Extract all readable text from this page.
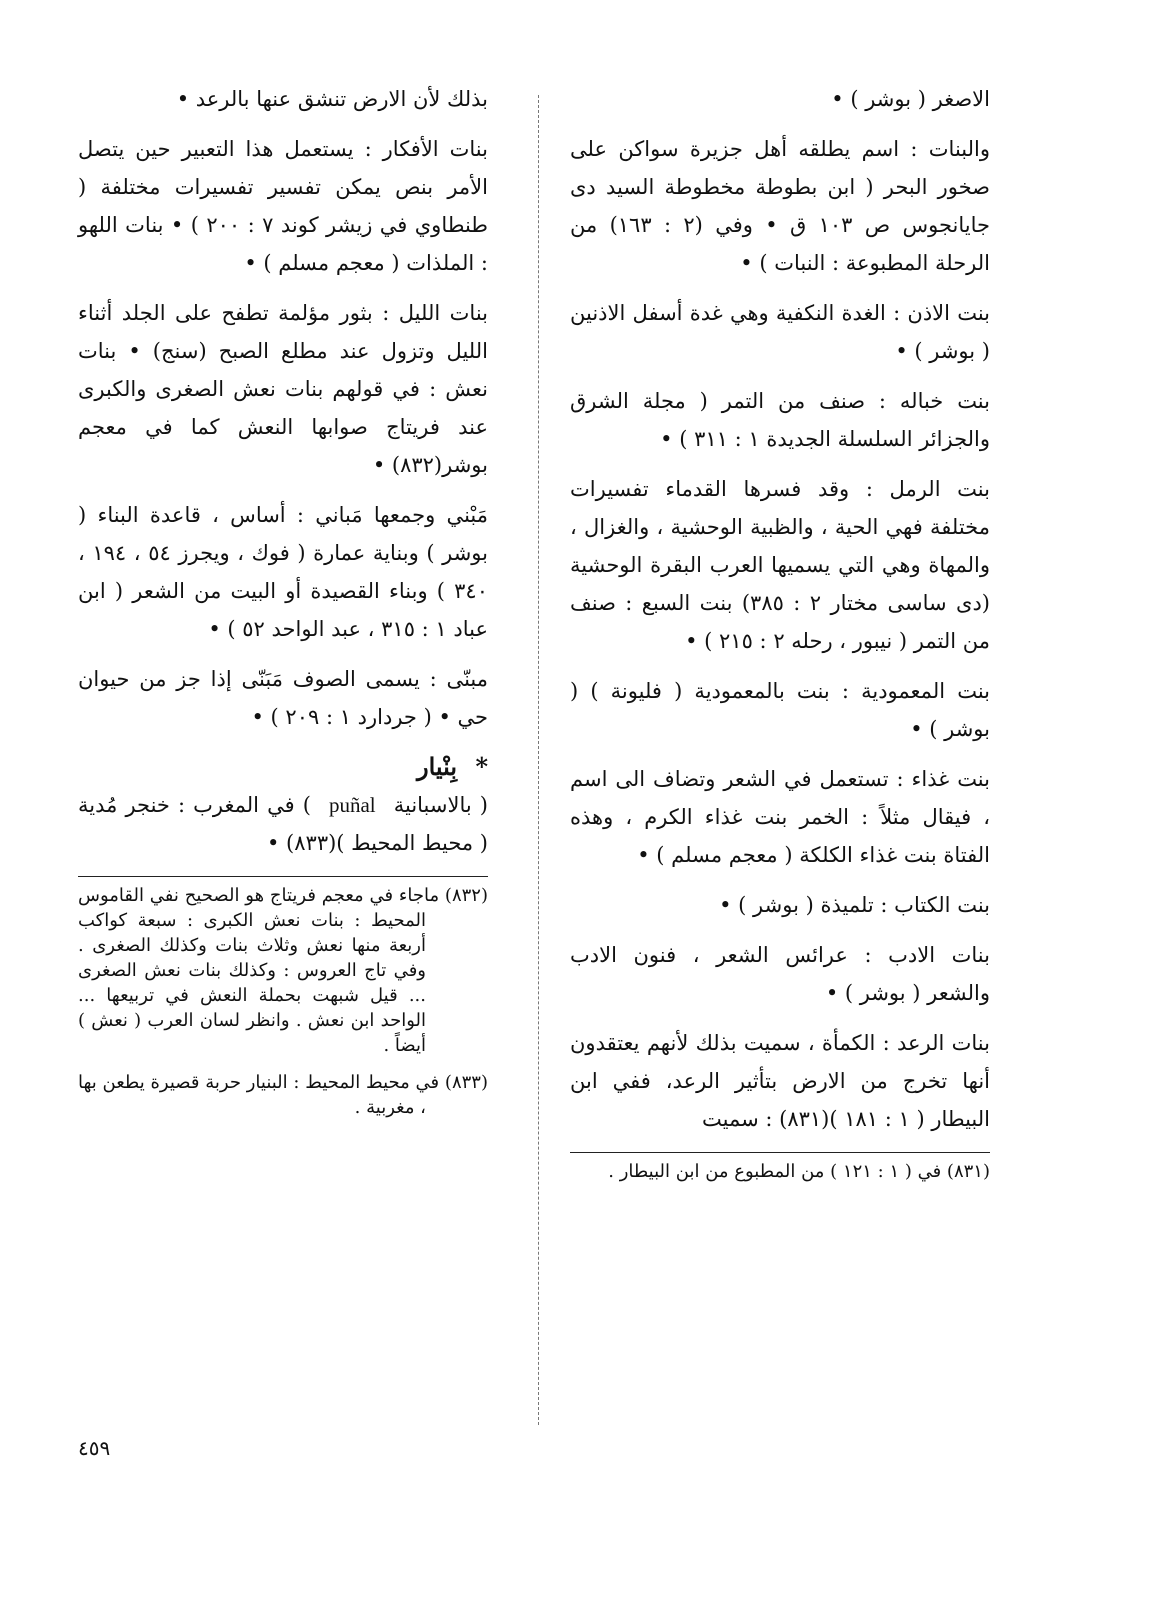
الاصغر ( بوشر ) •

والبنات : اسم يطلقه أهل جزيرة سواكن على صخور البحر ( ابن بطوطة مخطوطة السيد دى جايانجوس ص ١٠٣ ق • وفي (٢ : ١٦٣) من الرحلة المطبوعة : النبات ) •

بنت الاذن : الغدة النكفية وهي غدة أسفل الاذنين ( بوشر ) •

بنت خباله : صنف من التمر ( مجلة الشرق والجزائر السلسلة الجديدة ١ : ٣١١ ) •

بنت الرمل : وقد فسرها القدماء تفسيرات مختلفة فهي الحية ، والظبية الوحشية ، والغزال ، والمهاة وهي التي يسميها العرب البقرة الوحشية (دى ساسى مختار ٢ : ٣٨٥) بنت السبع : صنف من التمر ( نيبور ، رحله ٢ : ٢١٥ ) •

بنت المعمودية : بنت بالمعمودية ( فليونة ) ( بوشر ) •

بنت غذاء : تستعمل في الشعر وتضاف الى اسم ، فيقال مثلاً : الخمر بنت غذاء الكرم ، وهذه الفتاة بنت غذاء الكلكة ( معجم مسلم ) •

بنت الكتاب : تلميذة ( بوشر ) •

بنات الادب : عرائس الشعر ، فنون الادب والشعر ( بوشر ) •

بنات الرعد : الكمأة ، سميت بذلك لأنهم يعتقدون أنها تخرج من الارض بتأثير الرعد، ففي ابن البيطار ( ١ : ١٨١ )(٨٣١) : سميت

(٨٣١) في ( ١ : ١٢١ ) من المطبوع من ابن البيطار .

بذلك لأن الارض تنشق عنها بالرعد •

بنات الأفكار : يستعمل هذا التعبير حين يتصل الأمر بنص يمكن تفسير تفسيرات مختلفة ( طنطاوي في زيشر كوند ٧ : ٢٠٠ ) • بنات اللهو : الملذات ( معجم مسلم ) •

بنات الليل : بثور مؤلمة تطفح على الجلد أثناء الليل وتزول عند مطلع الصبح (سنج) • بنات نعش : في قولهم بنات نعش الصغرى والكبرى عند فريتاج صوابها النعش كما في معجم بوشر(٨٣٢) •

مَبْني وجمعها مَباني : أساس ، قاعدة البناء ( بوشر ) وبناية عمارة ( فوك ، ويجرز ٥٤ ، ١٩٤ ، ٣٤٠ ) وبناء القصيدة أو البيت من الشعر ( ابن عباد ١ : ٣١٥ ، عبد الواحد ٥٢ ) •

مبنّى : يسمى الصوف مَبَنّى إذا جز من حيوان حي • ( جردارد ١ : ٢٠٩ ) •

* بِنْيار

( بالاسبانية puñal ) في المغرب : خنجر مُدية ( محيط المحيط )(٨٣٣) •

(٨٣٢) ماجاء في معجم فريتاج هو الصحيح نفي القاموس المحيط : بنات نعش الكبرى : سبعة كواكب أربعة منها نعش وثلاث بنات وكذلك الصغرى . وفي تاج العروس : وكذلك بنات نعش الصغرى ... قيل شبهت بحملة النعش في تربيعها ... الواحد ابن نعش . وانظر لسان العرب ( نعش ) أيضاً .

(٨٣٣) في محيط المحيط : البنيار حربة قصيرة يطعن بها ، مغربية .

٤٥٩
